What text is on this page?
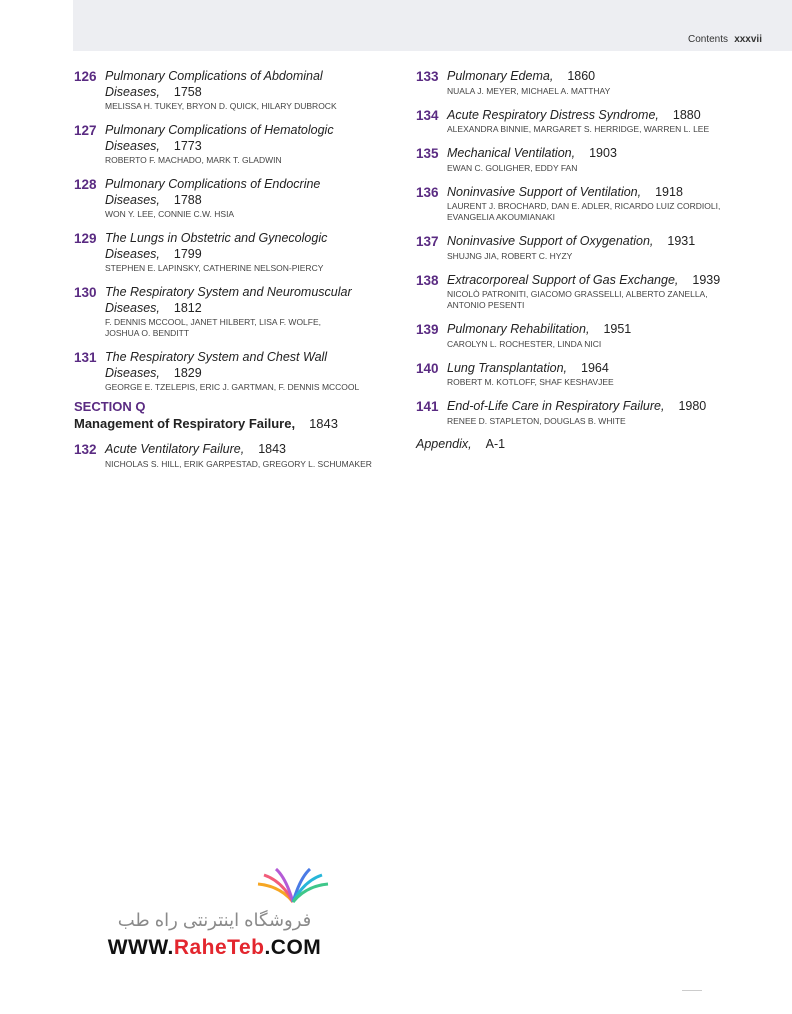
Contents xxxvii
126 Pulmonary Complications of Abdominal
Diseases, 1758
MELISSA H. TUKEY, BRYON D. QUICK, HILARY DUBROCK
127 Pulmonary Complications of Hematologic
Diseases, 1773
ROBERTO F. MACHADO, MARK T. GLADWIN
128 Pulmonary Complications of Endocrine
Diseases, 1788
WON Y. LEE, CONNIE C.W. HSIA
129 The Lungs in Obstetric and Gynecologic
Diseases, 1799
STEPHEN E. LAPINSKY, CATHERINE NELSON-PIERCY
130 The Respiratory System and Neuromuscular
Diseases, 1812
F. DENNIS MCCOOL, JANET HILBERT, LISA F. WOLFE,
JOSHUA O. BENDITT
131 The Respiratory System and Chest Wall
Diseases, 1829
GEORGE E. TZELEPIS, ERIC J. GARTMAN, F. DENNIS MCCOOL
SECTION Q
Management of Respiratory Failure, 1843
132 Acute Ventilatory Failure, 1843
NICHOLAS S. HILL, ERIK GARPESTAD, GREGORY L. SCHUMAKER
133 Pulmonary Edema, 1860
NUALA J. MEYER, MICHAEL A. MATTHAY
134 Acute Respiratory Distress Syndrome, 1880
ALEXANDRA BINNIE, MARGARET S. HERRIDGE, WARREN L. LEE
135 Mechanical Ventilation, 1903
EWAN C. GOLIGHER, EDDY FAN
136 Noninvasive Support of Ventilation, 1918
LAURENT J. BROCHARD, DAN E. ADLER, RICARDO LUIZ CORDIOLI,
EVANGELIA AKOUMIANAKI
137 Noninvasive Support of Oxygenation, 1931
SHUJNG JIA, ROBERT C. HYZY
138 Extracorporeal Support of Gas Exchange, 1939
NICOLÒ PATRONITI, GIACOMO GRASSELLI, ALBERTO ZANELLA,
ANTONIO PESENTI
139 Pulmonary Rehabilitation, 1951
CAROLYN L. ROCHESTER, LINDA NICI
140 Lung Transplantation, 1964
ROBERT M. KOTLOFF, SHAF KESHAVJEE
141 End-of-Life Care in Respiratory Failure, 1980
RENEE D. STAPLETON, DOUGLAS B. WHITE
Appendix, A-1
فروشگاه اینترنتی راه طب
WWW.RaheTeb.COM
